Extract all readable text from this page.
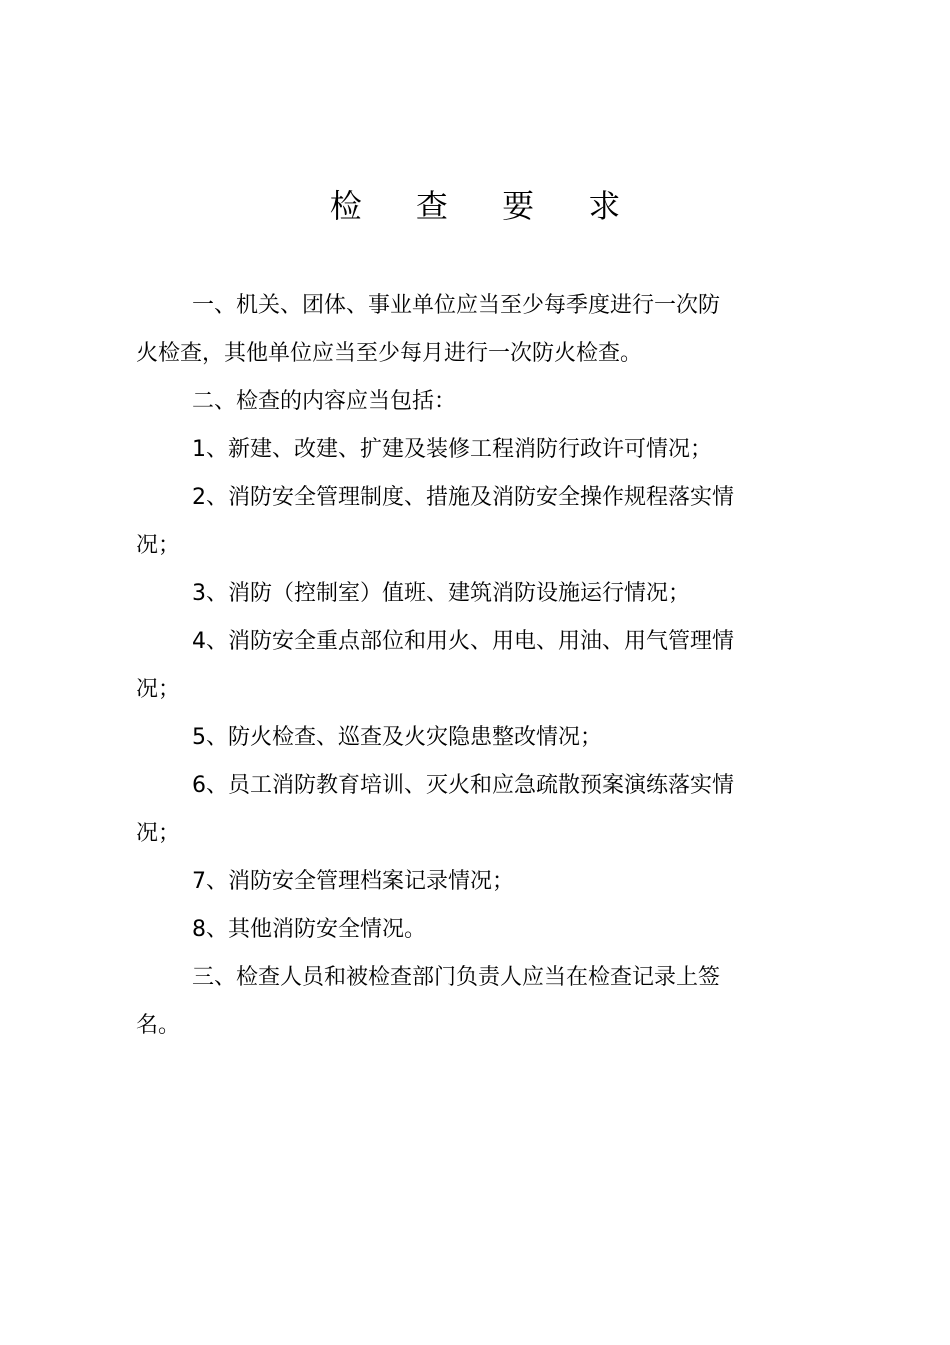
检 查 要 求
一、机关、团体、事业单位应当至少每季度进行一次防
火检查，其他单位应当至少每月进行一次防火检查。
二、检查的内容应当包括：
1、新建、改建、扩建及装修工程消防行政许可情况；
2、消防安全管理制度、措施及消防安全操作规程落实情
况；
3、消防（控制室）值班、建筑消防设施运行情况；
4、消防安全重点部位和用火、用电、用油、用气管理情
况；
5、防火检查、巡查及火灾隐患整改情况；
6、员工消防教育培训、灭火和应急疏散预案演练落实情
况；
7、消防安全管理档案记录情况；
8、其他消防安全情况。
三、检查人员和被检查部门负责人应当在检查记录上签
名。
